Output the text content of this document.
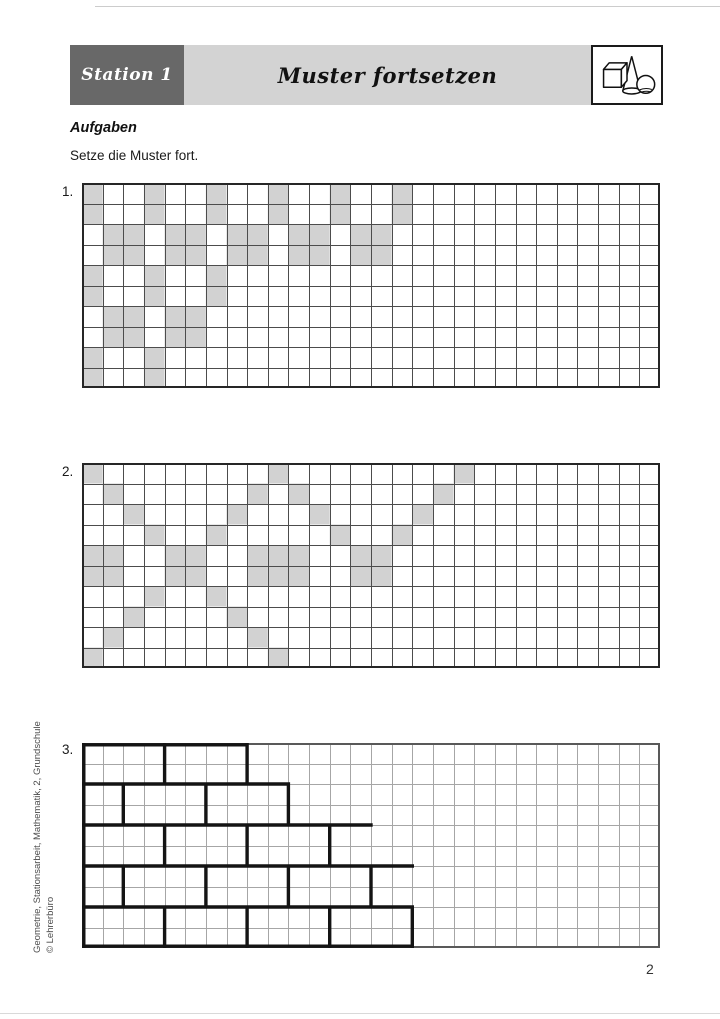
Station 1	Muster fortsetzen
Aufgaben
Setze die Muster fort.
1.
2.
3.
Geometrie, Stationsarbeit, Mathematik, 2, Grundschule © Lehrerbüro
2
